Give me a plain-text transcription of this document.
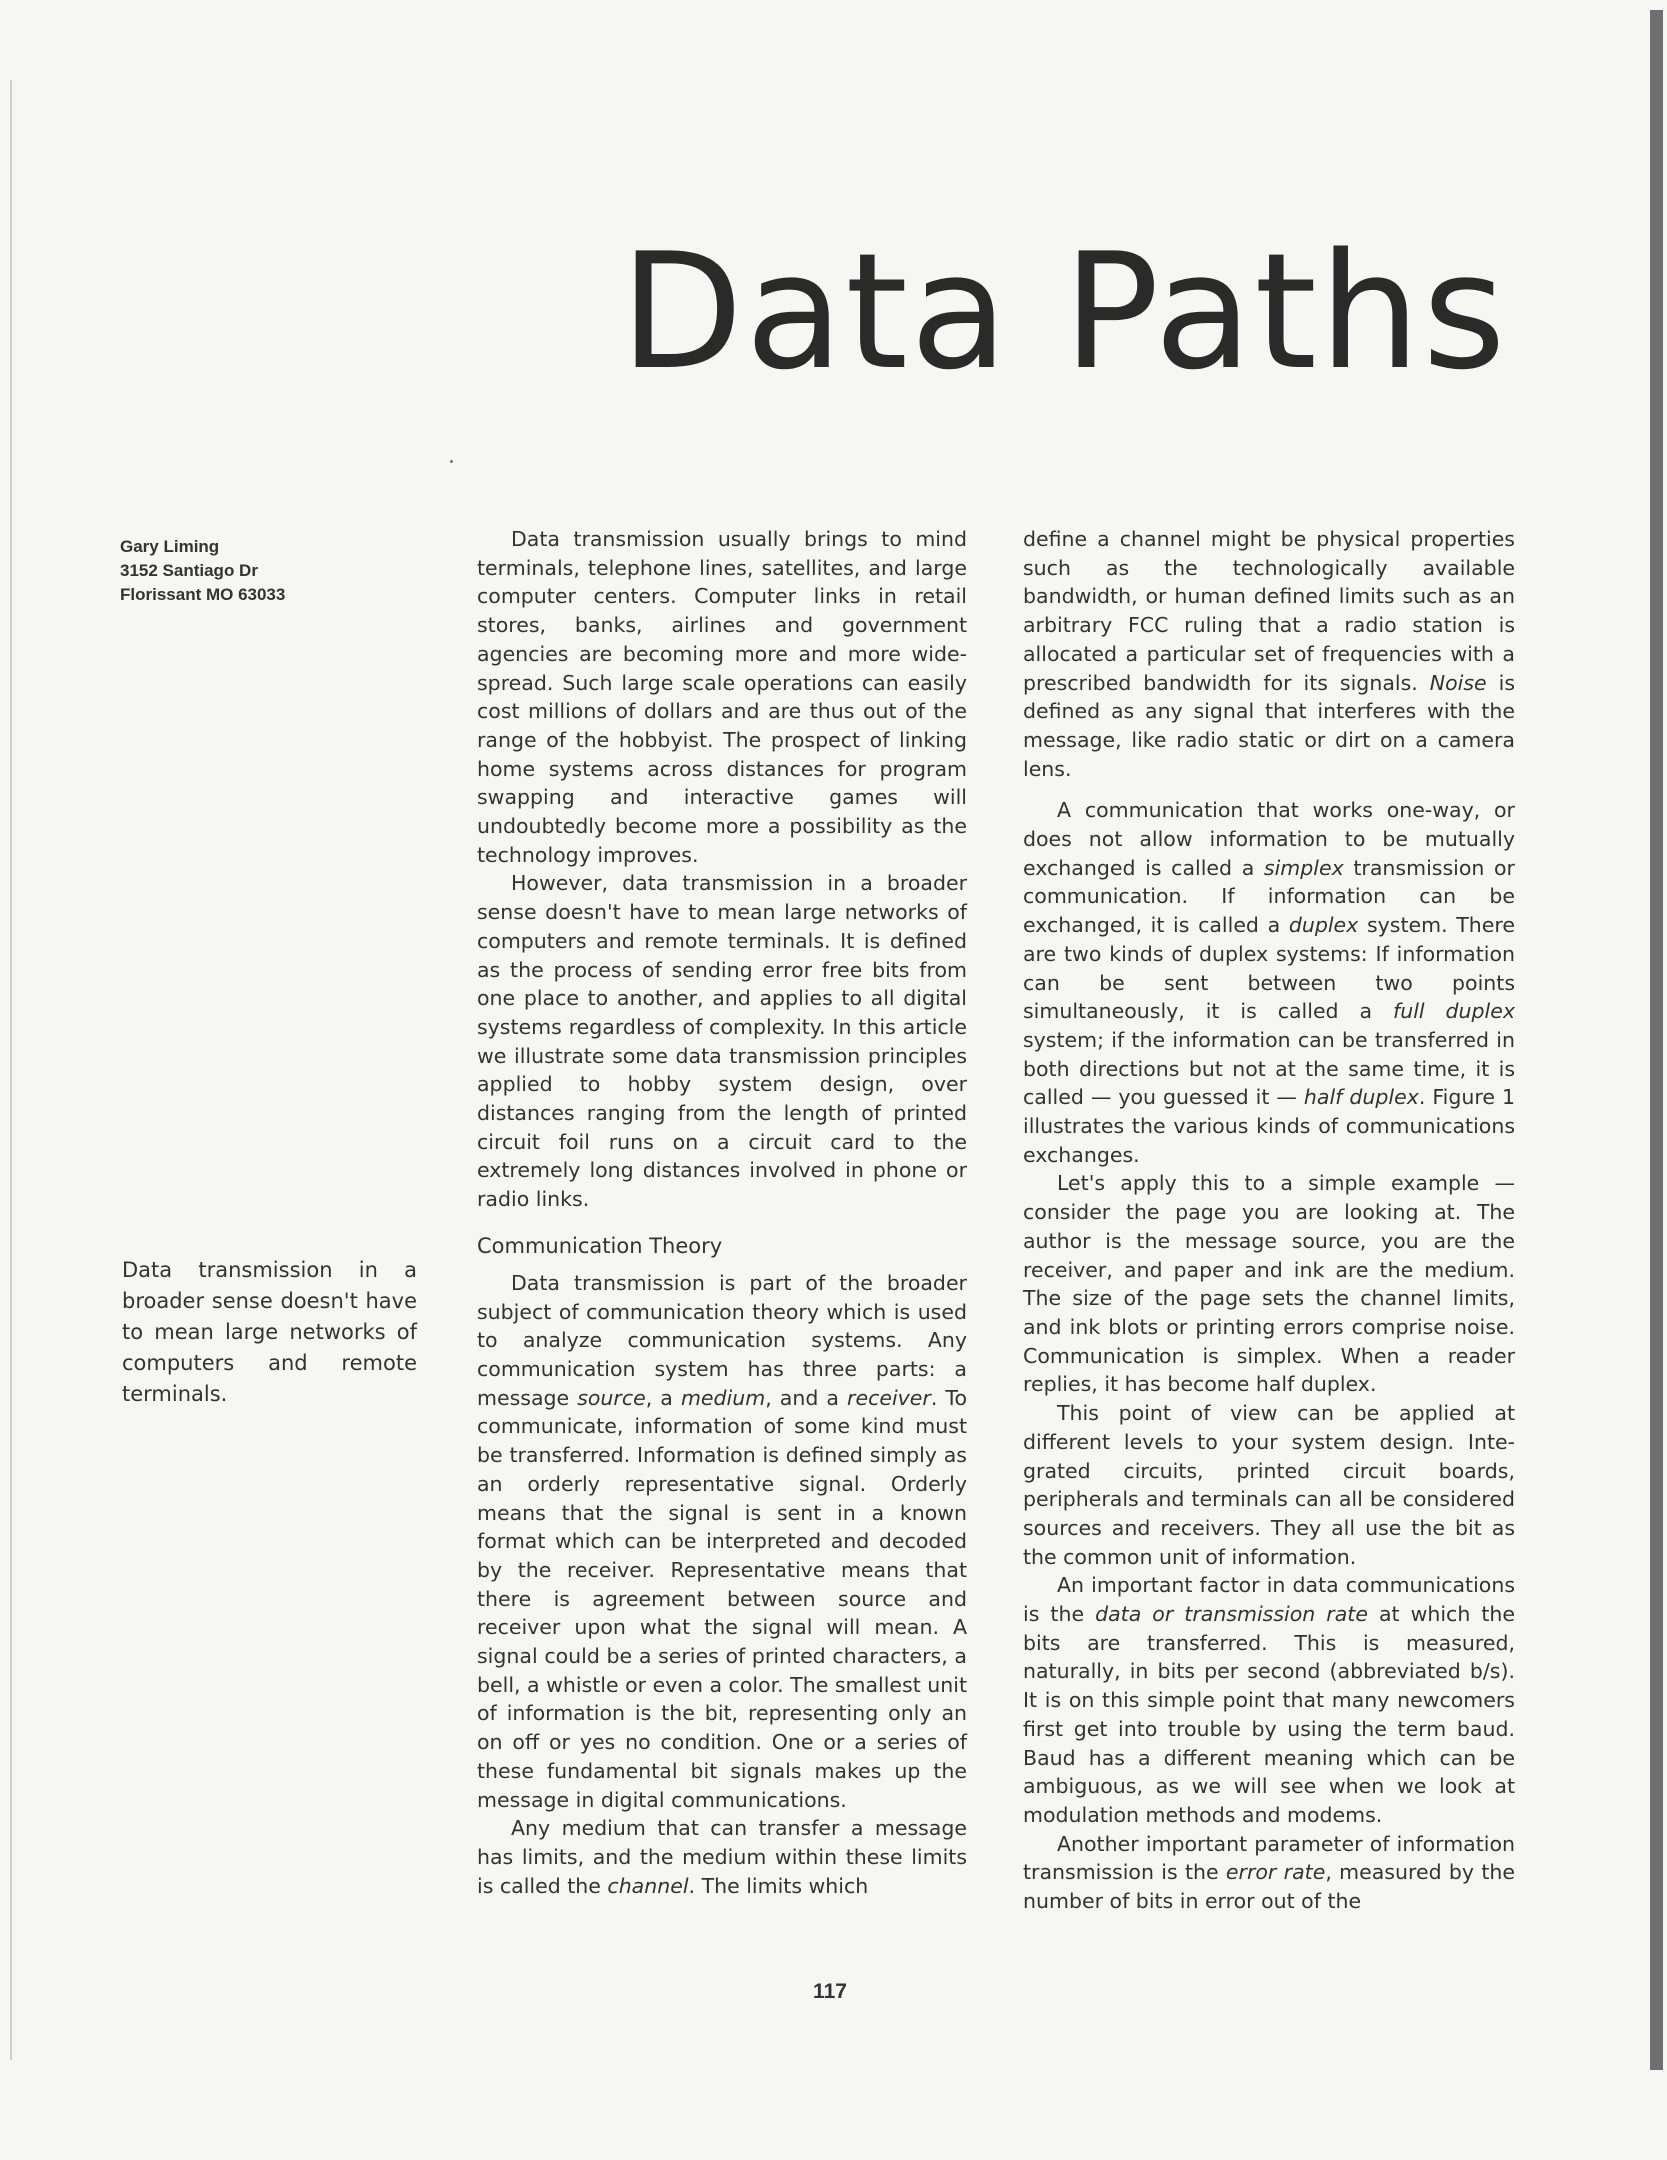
Data Paths
Gary Liming
3152 Santiago Dr
Florissant MO 63033
Data transmission in a broader sense doesn't have to mean large networks of computers and remote terminals.

Data transmission usually brings to mind terminals, telephone lines, satellites, and large computer centers. Computer links in retail stores, banks, airlines and government agencies are becoming more and more widespread. Such large scale operations can easily cost millions of dollars and are thus out of the range of the hobbyist. The prospect of linking home systems across distances for program swapping and interactive games will undoubtedly become more a possibility as the technology improves.

However, data transmission in a broader sense doesn't have to mean large networks of computers and remote terminals. It is defined as the process of sending error free bits from one place to another, and applies to all digital systems regardless of complexity. In this article we illustrate some data transmission principles applied to hobby system design, over distances ranging from the length of printed circuit foil runs on a circuit card to the extremely long distances involved in phone or radio links.

Communication Theory

Data transmission is part of the broader subject of communication theory which is used to analyze communication systems. Any communication system has three parts: a message source, a medium, and a receiver. To communicate, information of some kind must be transferred. Information is defined simply as an orderly representative signal. Orderly means that the signal is sent in a known format which can be interpreted and decoded by the receiver. Representative means that there is agreement between source and receiver upon what the signal will mean. A signal could be a series of printed characters, a bell, a whistle or even a color. The smallest unit of information is the bit, representing only an on off or yes no condition. One or a series of these fundamental bit signals makes up the message in digital communications.

Any medium that can transfer a message has limits, and the medium within these limits is called the channel. The limits which

define a channel might be physical properties such as the technologically available bandwidth, or human defined limits such as an arbitrary FCC ruling that a radio station is allocated a particular set of frequencies with a prescribed bandwidth for its signals. Noise is defined as any signal that interferes with the message, like radio static or dirt on a camera lens.

A communication that works one-way, or does not allow information to be mutually exchanged is called a simplex transmission or communication. If information can be exchanged, it is called a duplex system. There are two kinds of duplex systems: If information can be sent between two points simultaneously, it is called a full duplex system; if the information can be transferred in both directions but not at the same time, it is called — you guessed it — half duplex. Figure 1 illustrates the various kinds of communications exchanges.

Let's apply this to a simple example — consider the page you are looking at. The author is the message source, you are the receiver, and paper and ink are the medium. The size of the page sets the channel limits, and ink blots or printing errors comprise noise. Communication is simplex. When a reader replies, it has become half duplex.

This point of view can be applied at different levels to your system design. Integrated circuits, printed circuit boards, peripherals and terminals can all be considered sources and receivers. They all use the bit as the common unit of information.

An important factor in data communications is the data or transmission rate at which the bits are transferred. This is measured, naturally, in bits per second (abbreviated b/s). It is on this simple point that many newcomers first get into trouble by using the term baud. Baud has a different meaning which can be ambiguous, as we will see when we look at modulation methods and modems.

Another important parameter of information transmission is the error rate, measured by the number of bits in error out of the

117
